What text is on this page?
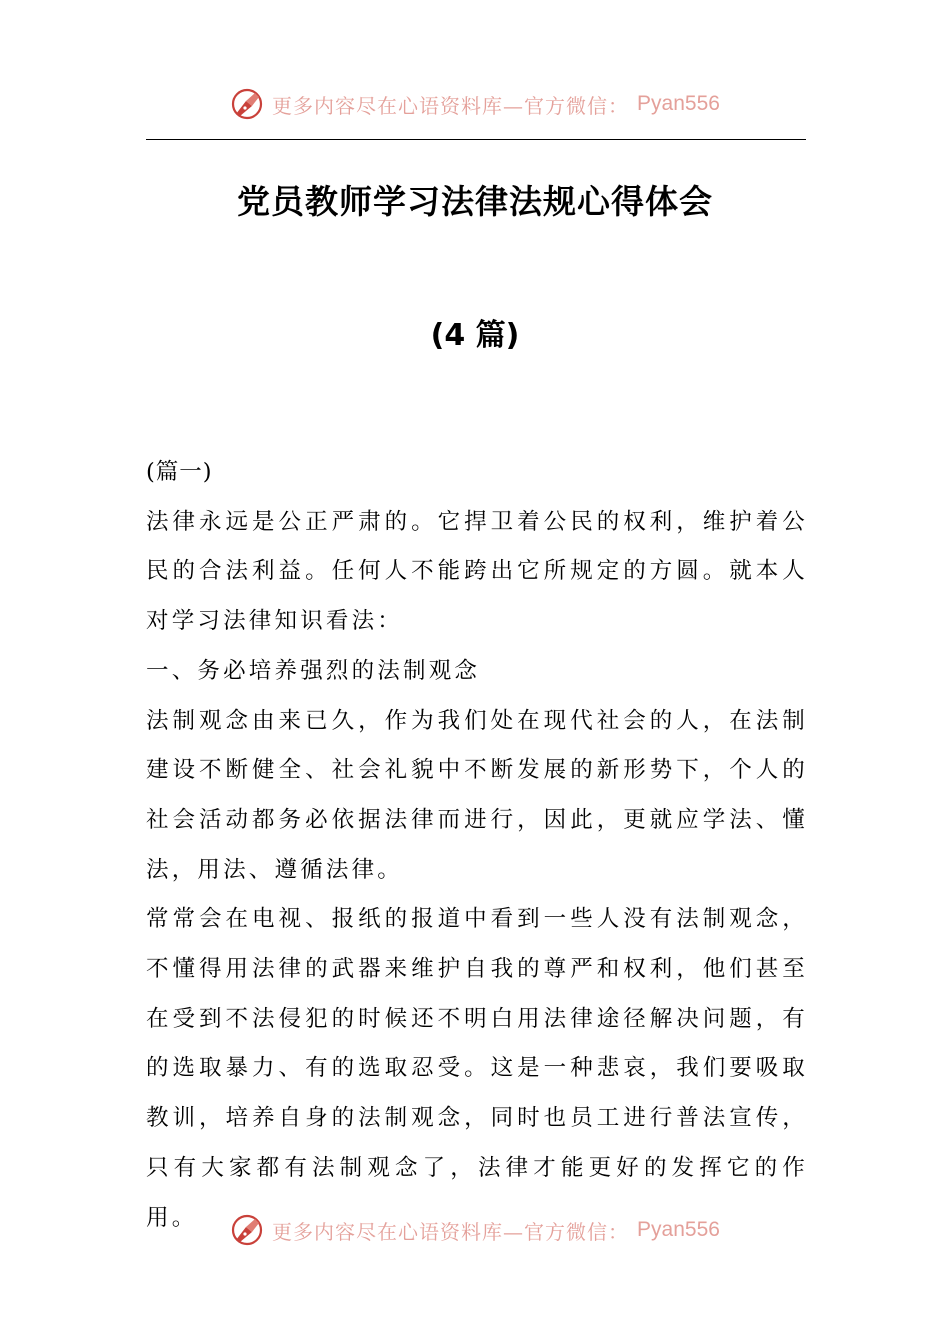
更多内容尽在心语资料库—官方微信： Pyan556
党员教师学习法律法规心得体会
(4 篇)

(篇一)

法律永远是公正严肃的。它捍卫着公民的权利，维护着公民的合法利益。任何人不能跨出它所规定的方圆。就本人对学习法律知识看法：

一、务必培养强烈的法制观念

法制观念由来已久，作为我们处在现代社会的人，在法制建设不断健全、社会礼貌中不断发展的新形势下，个人的社会活动都务必依据法律而进行，因此，更就应学法、懂法，用法、遵循法律。

常常会在电视、报纸的报道中看到一些人没有法制观念，不懂得用法律的武器来维护自我的尊严和权利，他们甚至在受到不法侵犯的时候还不明白用法律途径解决问题，有的选取暴力、有的选取忍受。这是一种悲哀，我们要吸取教训，培养自身的法制观念，同时也员工进行普法宣传，只有大家都有法制观念了，法律才能更好的发挥它的作用。

更多内容尽在心语资料库—官方微信： Pyan556
